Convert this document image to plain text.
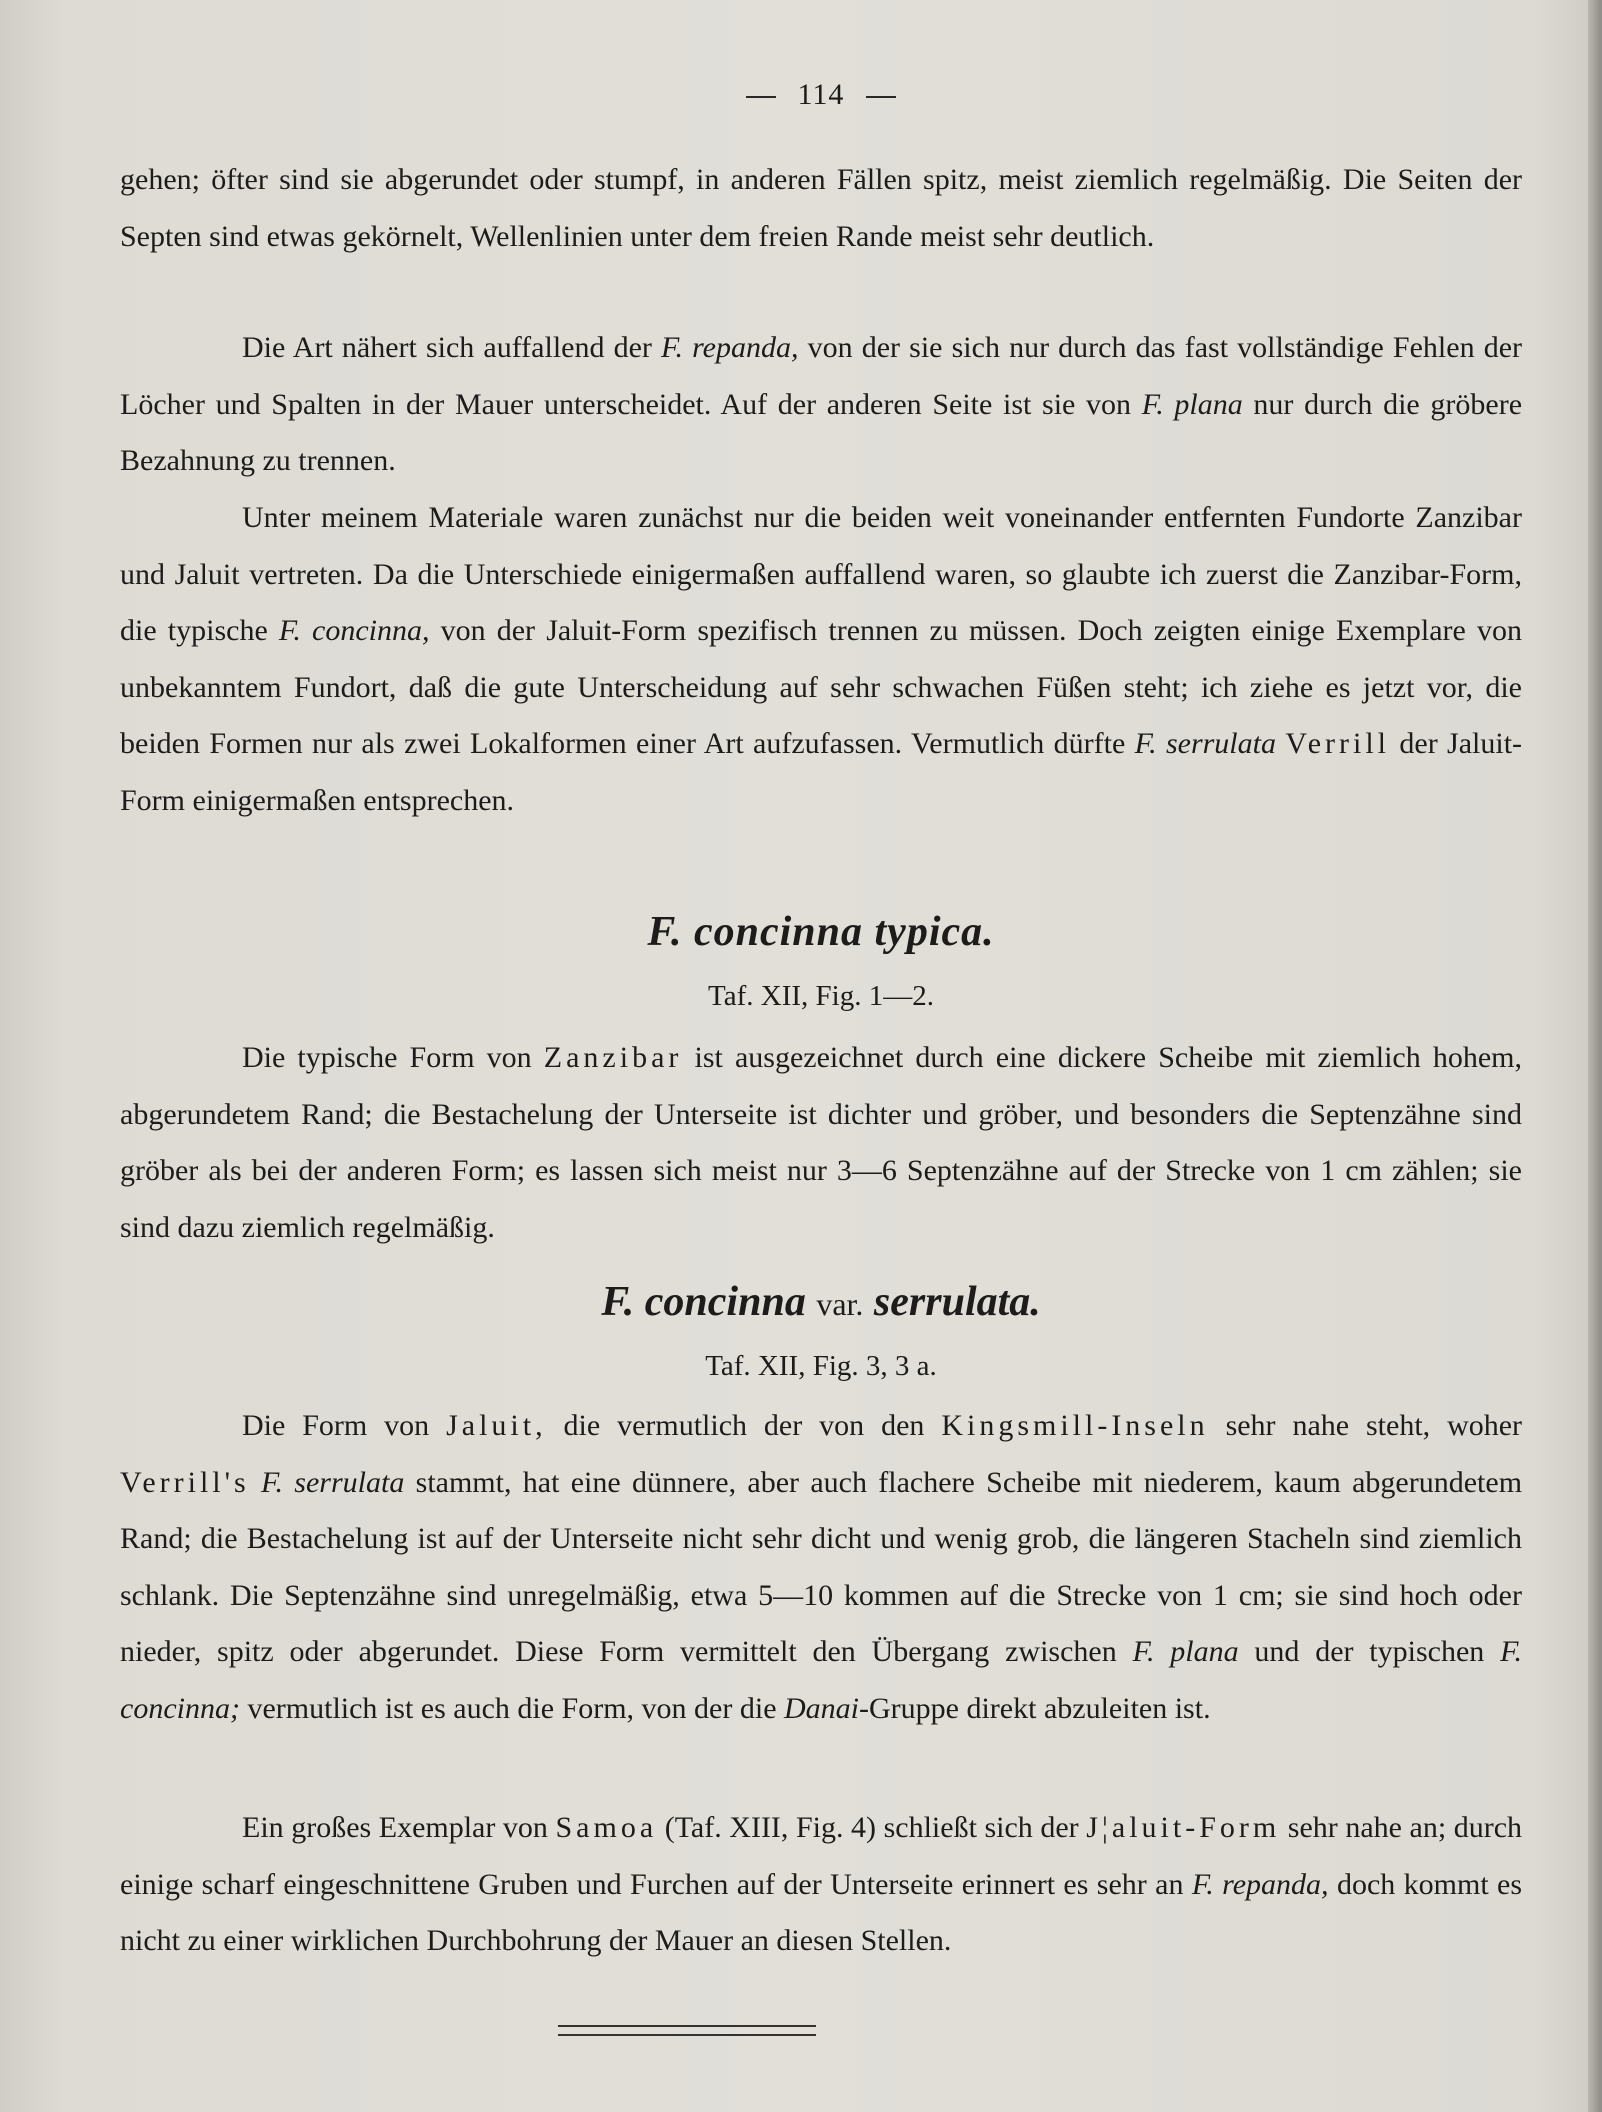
114

gehen; öfter sind sie abgerundet oder stumpf, in anderen Fällen spitz, meist ziemlich regelmäßig. Die Seiten der Septen sind etwas gekörnelt, Wellenlinien unter dem freien Rande meist sehr deutlich.

Die Art nähert sich auffallend der F. repanda, von der sie sich nur durch das fast vollständige Fehlen der Löcher und Spalten in der Mauer unterscheidet. Auf der anderen Seite ist sie von F. plana nur durch die gröbere Bezahnung zu trennen.

Unter meinem Materiale waren zunächst nur die beiden weit voneinander entfernten Fundorte Zanzibar und Jaluit vertreten. Da die Unterschiede einigermaßen auffallend waren, so glaubte ich zuerst die Zanzibar-Form, die typische F. concinna, von der Jaluit-Form spezifisch trennen zu müssen. Doch zeigten einige Exemplare von unbekanntem Fundort, daß die gute Unterscheidung auf sehr schwachen Füßen steht; ich ziehe es jetzt vor, die beiden Formen nur als zwei Lokalformen einer Art aufzufassen. Vermutlich dürfte F. serrulata Verrill der Jaluit-Form einigermaßen entsprechen.

F. concinna typica.
Taf. XII, Fig. 1—2.

Die typische Form von Zanzibar ist ausgezeichnet durch eine dickere Scheibe mit ziemlich hohem, abgerundetem Rand; die Bestachelung der Unterseite ist dichter und gröber, und besonders die Septenzähne sind gröber als bei der anderen Form; es lassen sich meist nur 3—6 Septenzähne auf der Strecke von 1 cm zählen; sie sind dazu ziemlich regelmäßig.

F. concinna var. serrulata.
Taf. XII, Fig. 3, 3 a.

Die Form von Jaluit, die vermutlich der von den Kingsmill-Inseln sehr nahe steht, woher Verrill's F. serrulata stammt, hat eine dünnere, aber auch flachere Scheibe mit niederem, kaum abgerundetem Rand; die Bestachelung ist auf der Unterseite nicht sehr dicht und wenig grob, die längeren Stacheln sind ziemlich schlank. Die Septenzähne sind unregelmäßig, etwa 5—10 kommen auf die Strecke von 1 cm; sie sind hoch oder nieder, spitz oder abgerundet. Diese Form vermittelt den Übergang zwischen F. plana und der typischen F. concinna; vermutlich ist es auch die Form, von der die Danai-Gruppe direkt abzuleiten ist.

Ein großes Exemplar von Samoa (Taf. XIII, Fig. 4) schließt sich der J¦aluit-Form sehr nahe an; durch einige scharf eingeschnittene Gruben und Furchen auf der Unterseite erinnert es sehr an F. repanda, doch kommt es nicht zu einer wirklichen Durchbohrung der Mauer an diesen Stellen.
